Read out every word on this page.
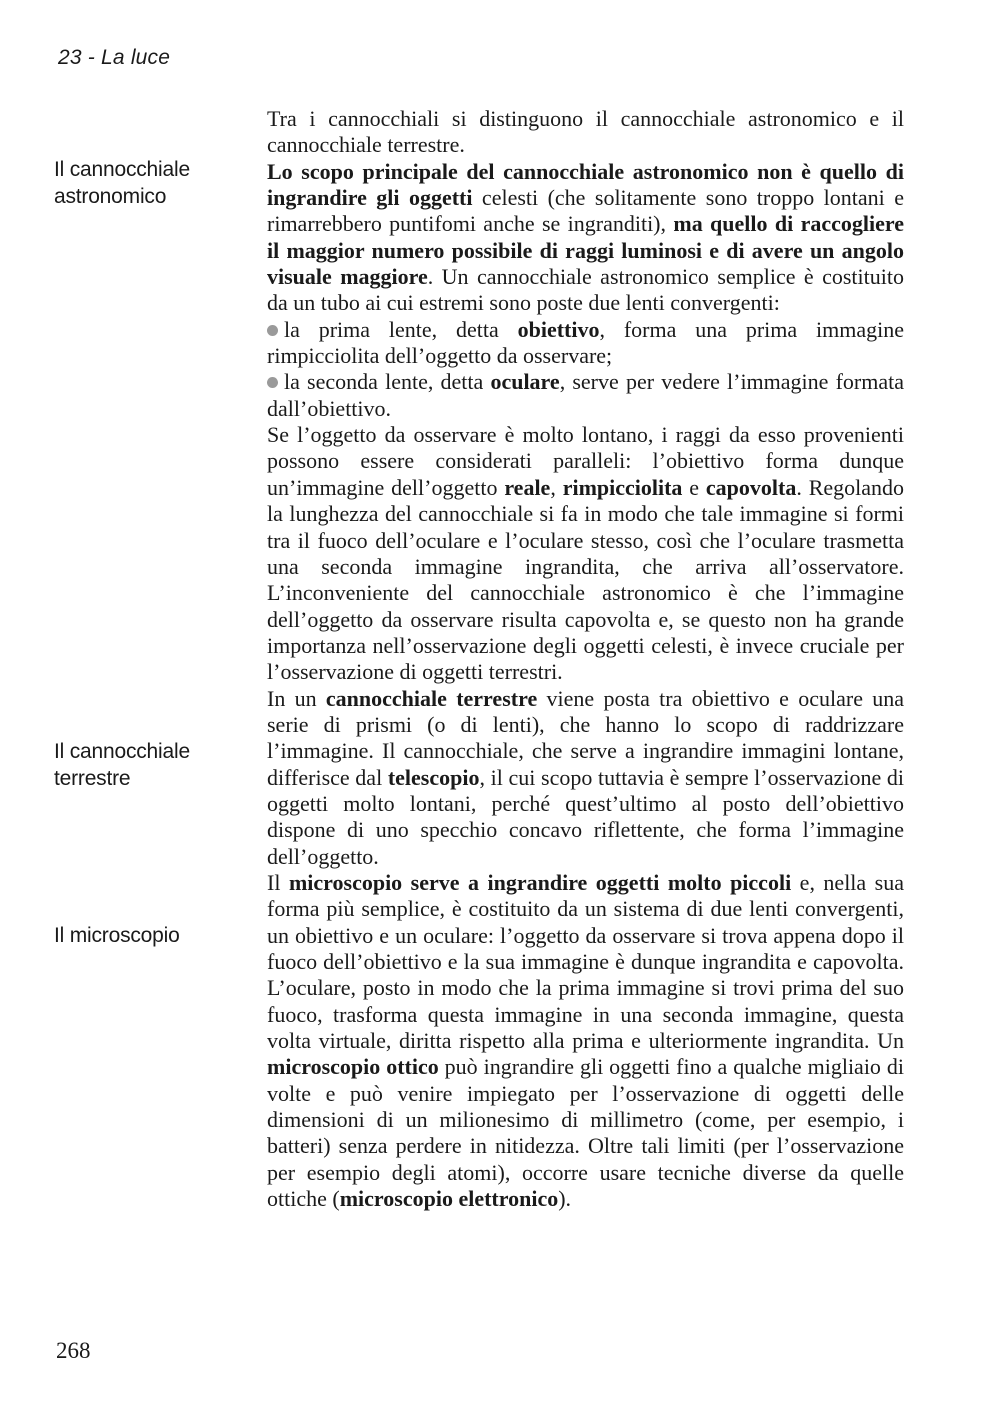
23 - La luce
Il cannocchiale
astronomico
Il cannocchiale
terrestre
Il microscopio

Tra i cannocchiali si distinguono il cannocchiale astronomico e il cannocchiale terrestre.

Lo scopo principale del cannocchiale astronomico non è quello di ingrandire gli oggetti celesti (che solitamente sono troppo lontani e rimarrebbero puntifomi anche se ingranditi), ma quello di raccogliere il maggior numero possibile di raggi luminosi e di avere un angolo visuale maggiore. Un cannocchiale astronomico semplice è costituito da un tubo ai cui estremi sono poste due lenti convergenti:

la prima lente, detta obiettivo, forma una prima immagine rimpicciolita dell’oggetto da osservare;

la seconda lente, detta oculare, serve per vedere l’immagine formata dall’obiettivo.

Se l’oggetto da osservare è molto lontano, i raggi da esso provenienti possono essere considerati paralleli: l’obiettivo forma dunque un’immagine dell’oggetto reale, rimpicciolita e capovolta. Regolando la lunghezza del cannocchiale si fa in modo che tale immagine si formi tra il fuoco dell’oculare e l’oculare stesso, così che l’oculare trasmetta una seconda immagine ingrandita, che arriva all’osservatore. L’inconveniente del cannocchiale astronomico è che l’immagine dell’oggetto da osservare risulta capovolta e, se questo non ha grande importanza nell’osservazione degli oggetti celesti, è invece cruciale per l’osservazione di oggetti terrestri.

In un cannocchiale terrestre viene posta tra obiettivo e oculare una serie di prismi (o di lenti), che hanno lo scopo di raddrizzare l’immagine. Il cannocchiale, che serve a ingrandire immagini lontane, differisce dal telescopio, il cui scopo tuttavia è sempre l’osservazione di oggetti molto lontani, perché quest’ultimo al posto dell’obiettivo dispone di uno specchio concavo riflettente, che forma l’immagine dell’oggetto.

Il microscopio serve a ingrandire oggetti molto piccoli e, nella sua forma più semplice, è costituito da un sistema di due lenti convergenti, un obiettivo e un oculare: l’oggetto da osservare si trova appena dopo il fuoco dell’obiettivo e la sua immagine è dunque ingrandita e capovolta. L’oculare, posto in modo che la prima immagine si trovi prima del suo fuoco, trasforma questa immagine in una seconda immagine, questa volta virtuale, diritta rispetto alla prima e ulteriormente ingrandita. Un microscopio ottico può ingrandire gli oggetti fino a qualche migliaio di volte e può venire impiegato per l’osservazione di oggetti delle dimensioni di un milionesimo di millimetro (come, per esempio, i batteri) senza perdere in nitidezza. Oltre tali limiti (per l’osservazione per esempio degli atomi), occorre usare tecniche diverse da quelle ottiche (microscopio elettronico).

268
